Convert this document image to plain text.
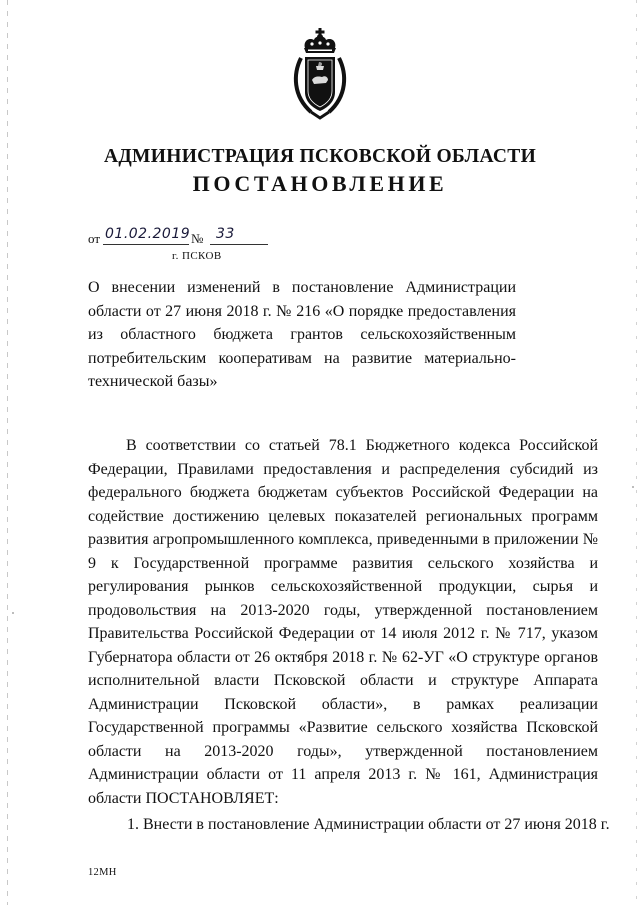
АДМИНИСТРАЦИЯ ПСКОВСКОЙ ОБЛАСТИ
ПОСТАНОВЛЕНИЕ
от 01.02.2019 № 33
г. ПСКОВ
О внесении изменений в постановление Администрации области от 27 июня 2018 г. № 216 «О порядке предоставления из областного бюджета грантов сельскохозяйственным потребительским кооперативам на развитие материально-технической базы»

В соответствии со статьей 78.1 Бюджетного кодекса Российской Федерации, Правилами предоставления и распределения субсидий из федерального бюджета бюджетам субъектов Российской Федерации на содействие достижению целевых показателей региональных программ развития агропромышленного комплекса, приведенными в приложении № 9 к Государственной программе развития сельского хозяйства и регулирования рынков сельскохозяйственной продукции, сырья и продовольствия на 2013-2020 годы, утвержденной постановлением Правительства Российской Федерации от 14 июля 2012 г. № 717, указом Губернатора области от 26 октября 2018 г. № 62-УГ «О структуре органов исполнительной власти Псковской области и структуре Аппарата Администрации Псковской области», в рамках реализации Государственной программы «Развитие сельского хозяйства Псковской области на 2013-2020 годы», утвержденной постановлением Администрации области от 11 апреля 2013 г. № 161, Администрация области ПОСТАНОВЛЯЕТ:

1. Внести в постановление Администрации области от 27 июня 2018 г.
12МН
